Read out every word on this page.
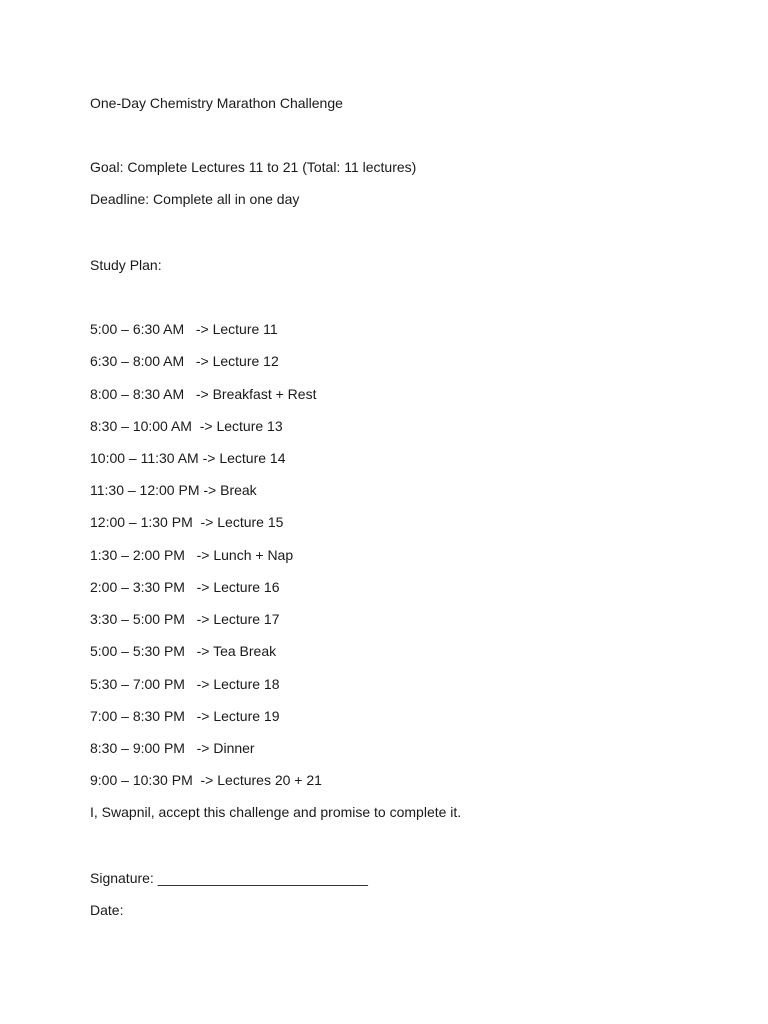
One-Day Chemistry Marathon Challenge

Goal: Complete Lectures 11 to 21 (Total: 11 lectures)

Deadline: Complete all in one day

Study Plan:

5:00 – 6:30 AM   -> Lecture 11

6:30 – 8:00 AM   -> Lecture 12

8:00 – 8:30 AM   -> Breakfast + Rest

8:30 – 10:00 AM  -> Lecture 13

10:00 – 11:30 AM -> Lecture 14

11:30 – 12:00 PM -> Break

12:00 – 1:30 PM  -> Lecture 15

1:30 – 2:00 PM   -> Lunch + Nap

2:00 – 3:30 PM   -> Lecture 16

3:30 – 5:00 PM   -> Lecture 17

5:00 – 5:30 PM   -> Tea Break

5:30 – 7:00 PM   -> Lecture 18

7:00 – 8:30 PM   -> Lecture 19

8:30 – 9:00 PM   -> Dinner

9:00 – 10:30 PM  -> Lectures 20 + 21

I, Swapnil, accept this challenge and promise to complete it.

Signature: ___________________________

Date:
